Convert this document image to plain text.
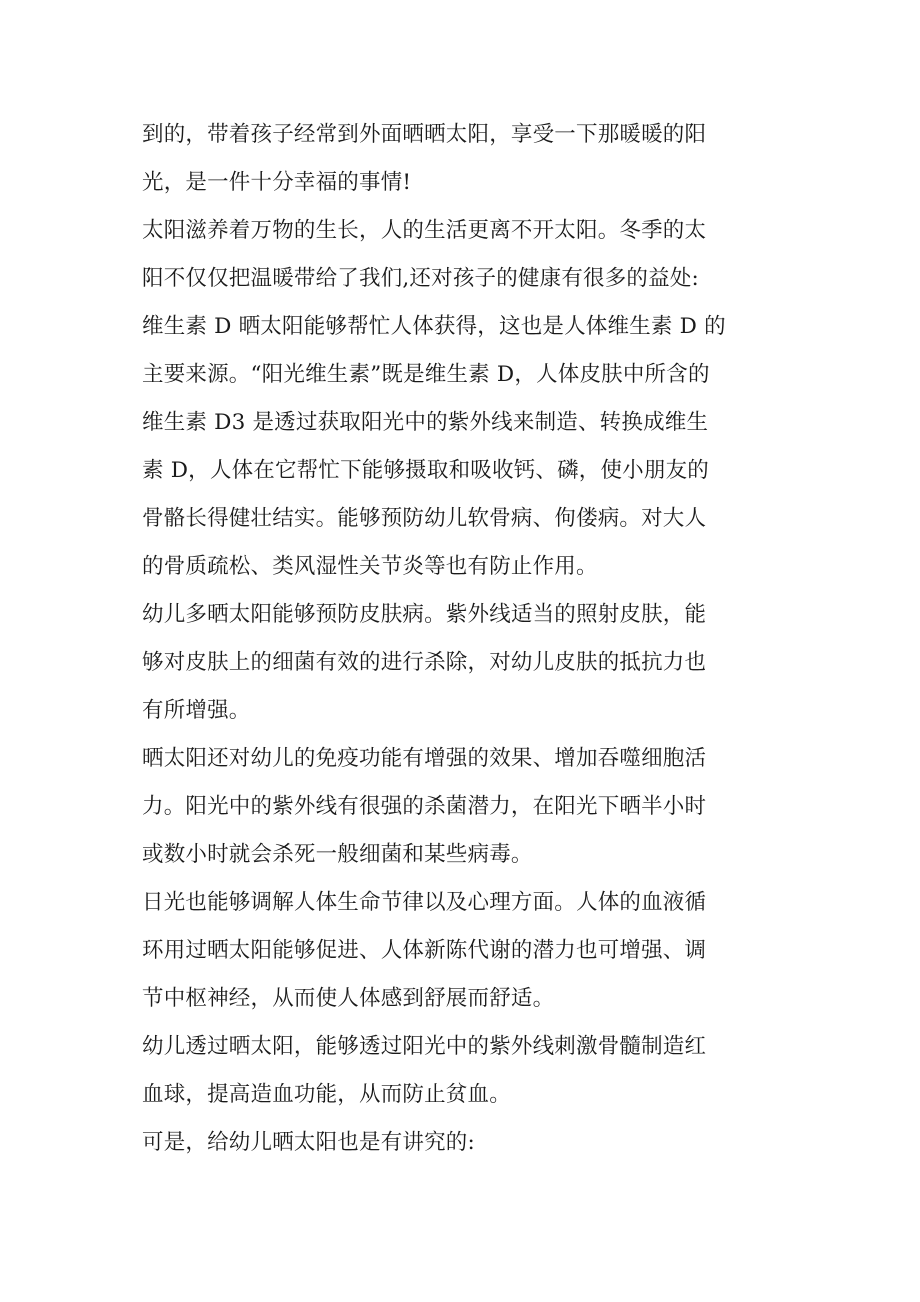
到的，带着孩子经常到外面晒晒太阳，享受一下那暖暖的阳
光，是一件十分幸福的事情!
太阳滋养着万物的生长，人的生活更离不开太阳。冬季的太
阳不仅仅把温暖带给了我们,还对孩子的健康有很多的益处:
维生素 D 晒太阳能够帮忙人体获得，这也是人体维生素 D 的
主要来源。“阳光维生素”既是维生素 D，人体皮肤中所含的
维生素 D3 是透过获取阳光中的紫外线来制造、转换成维生
素 D，人体在它帮忙下能够摄取和吸收钙、磷，使小朋友的
骨骼长得健壮结实。能够预防幼儿软骨病、佝偻病。对大人
的骨质疏松、类风湿性关节炎等也有防止作用。
幼儿多晒太阳能够预防皮肤病。紫外线适当的照射皮肤，能
够对皮肤上的细菌有效的进行杀除，对幼儿皮肤的抵抗力也
有所增强。
晒太阳还对幼儿的免疫功能有增强的效果、增加吞噬细胞活
力。阳光中的紫外线有很强的杀菌潜力，在阳光下晒半小时
或数小时就会杀死一般细菌和某些病毒。
日光也能够调解人体生命节律以及心理方面。人体的血液循
环用过晒太阳能够促进、人体新陈代谢的潜力也可增强、调
节中枢神经，从而使人体感到舒展而舒适。
幼儿透过晒太阳，能够透过阳光中的紫外线刺激骨髓制造红
血球，提高造血功能，从而防止贫血。
可是，给幼儿晒太阳也是有讲究的:
